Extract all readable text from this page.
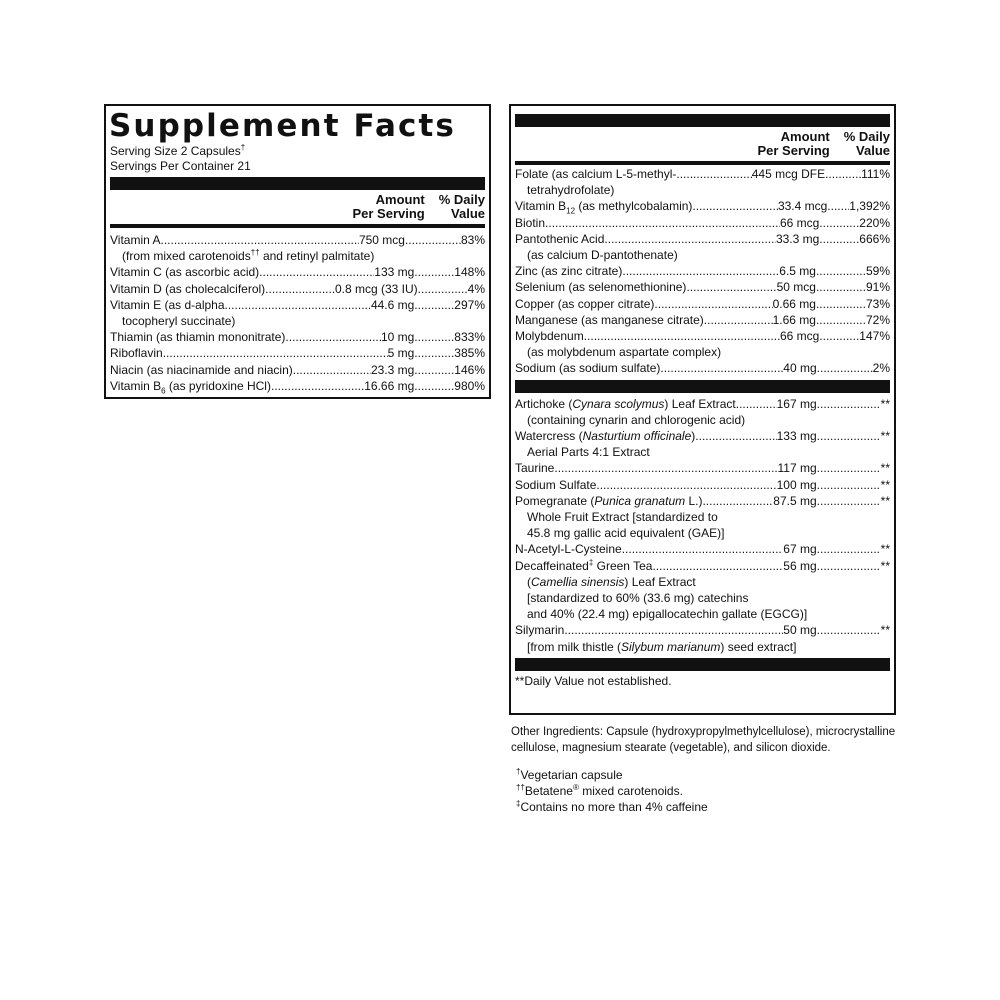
Supplement Facts
Serving Size 2 Capsules†
Servings Per Container 21
Amount
Per Serving
% Daily
Value
Vitamin A .....	750 mcg .....	83%
(from mixed carotenoids†† and retinyl palmitate)
Vitamin C (as ascorbic acid) .....	133 mg .....	148%
Vitamin D (as cholecalciferol) .....	0.8 mcg (33 IU) .....	4%
Vitamin E (as d-alpha .....	44.6 mg .....	297%
tocopheryl succinate)
Thiamin (as thiamin mononitrate) .....	10 mg .....	833%
Riboflavin .....	5 mg .....	385%
Niacin (as niacinamide and niacin) .....	23.3 mg .....	146%
Vitamin $B_6$ (as pyridoxine HCl) .....	16.66 mg .....	980%
Amount
Per Serving
% Daily
Value
Folate (as calcium L-5-methyl- .....	445 mcg DFE .....	111%
tetrahydrofolate)
Vitamin $B_{12}$ (as methylcobalamin) .....	33.4 mcg ..... 1,392%
Biotin .....	66 mcg .....	220%
Pantothenic Acid .....	33.3 mg .....	666%
(as calcium D-pantothenate)
Zinc (as zinc citrate) .....	6.5 mg .....	59%
Selenium (as selenomethionine) .....	50 mcg .....	91%
Copper (as copper citrate) .....	0.66 mg .....	73%
Manganese (as manganese citrate) .....	1.66 mg .....	72%
Molybdenum .....	66 mcg .....	147%
(as molybdenum aspartate complex)
Sodium (as sodium sulfate) .....	40 mg .....	2%
Artichoke (Cynara scolymus) Leaf Extract .....	167 mg .....	**
(containing cynarin and chlorogenic acid)
Watercress (Nasturtium officinale) .....	133 mg .....	**
Aerial Parts 4:1 Extract
Taurine .....	117 mg .....	**
Sodium Sulfate .....	100 mg .....	**
Pomegranate (Punica granatum L.) .....	87.5 mg .....	**
Whole Fruit Extract [standardized to
45.8 mg gallic acid equivalent (GAE)]
N-Acetyl-L-Cysteine .....	67 mg .....	**
Decaffeinated‡ Green Tea .....	56 mg .....	**
(Camellia sinensis) Leaf Extract
[standardized to 60% (33.6 mg) catechins
and 40% (22.4 mg) epigallocatechin gallate (EGCG)]
Silymarin .....	50 mg .....	**
[from milk thistle (Silybum marianum) seed extract]
**Daily Value not established.
Other Ingredients: Capsule (hydroxypropylmethylcellulose), microcrystalline
cellulose, magnesium stearate (vegetable), and silicon dioxide.
†Vegetarian capsule
††Betatene® mixed carotenoids.
‡Contains no more than 4% caffeine
